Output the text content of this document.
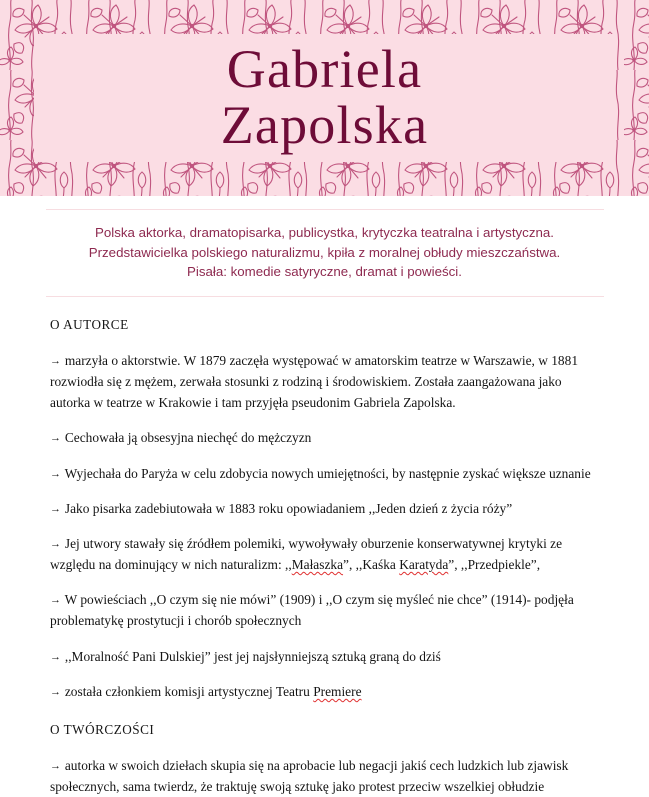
Gabriela
Zapolska
Polska aktorka, dramatopisarka, publicystka, krytyczka teatralna i artystyczna.
Przedstawicielka polskiego naturalizmu, kpiła z moralnej obłudy mieszczaństwa.
Pisała: komedie satyryczne, dramat i powieści.
O AUTORCE
→ marzyła o aktorstwie. W 1879 zaczęła występować w amatorskim teatrze w Warszawie, w 1881 rozwiodła się z mężem, zerwała stosunki z rodziną i środowiskiem. Została zaangażowana jako autorka w teatrze w Krakowie i tam przyjęła pseudonim Gabriela Zapolska.
→ Cechowała ją obsesyjna niechęć do mężczyzn
→ Wyjechała do Paryża w celu zdobycia nowych umiejętności, by następnie zyskać większe uznanie
→ Jako pisarka zadebiutowała w 1883 roku opowiadaniem ,,Jeden dzień z życia róży”
→ Jej utwory stawały się źródłem polemiki, wywoływały oburzenie konserwatywnej krytyki ze względu na dominujący w nich naturalizm: ,,Małaszka”, ,,Kaśka Karatyda”, ,,Przedpiekle”,
→ W powieściach ,,O czym się nie mówi” (1909) i ,,O czym się myśleć nie chce” (1914)- podjęła problematykę prostytucji i chorób społecznych
→ ,,Moralność Pani Dulskiej” jest jej najsłynniejszą sztuką graną do dziś
→ została członkiem komisji artystycznej Teatru Premiere
O TWÓRCZOŚCI
→ autorka w swoich dziełach skupia się na aprobacie lub negacji jakiś cech ludzkich lub zjawisk społecznych, sama twierdz, że traktuję swoją sztukę jako protest przeciw wszelkiej obłudzie
